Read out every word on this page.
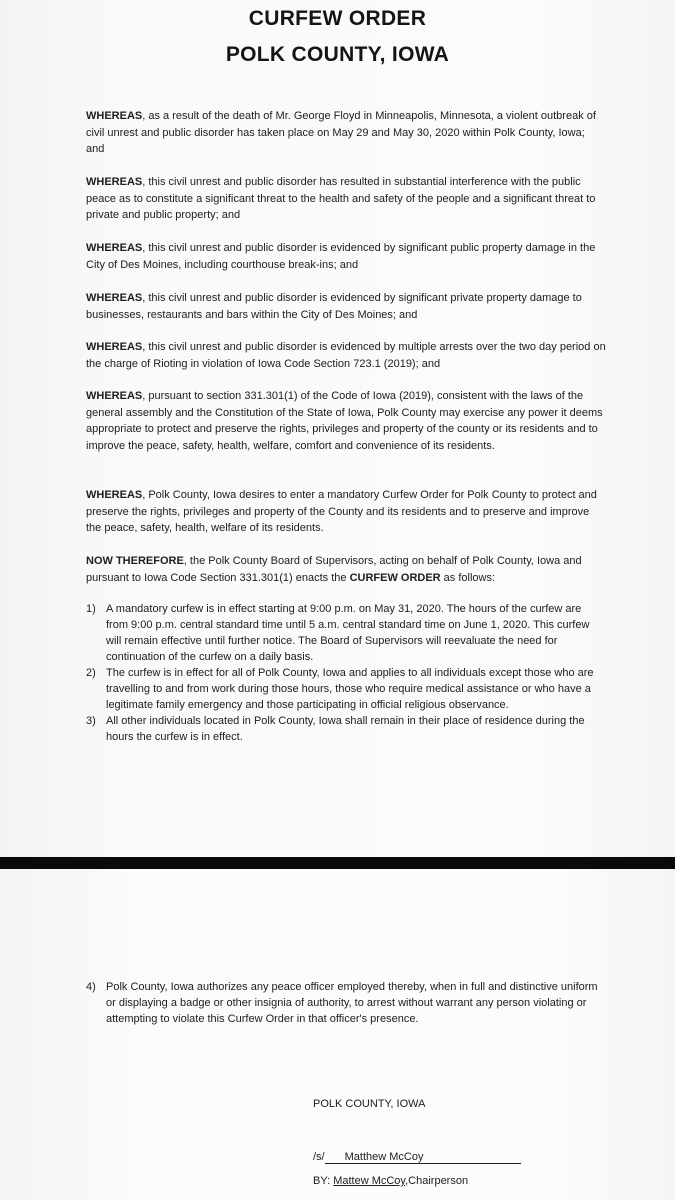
CURFEW ORDER
POLK COUNTY, IOWA

WHEREAS, as a result of the death of Mr. George Floyd in Minneapolis, Minnesota, a violent outbreak of civil unrest and public disorder has taken place on May 29 and May 30, 2020 within Polk County, Iowa; and

WHEREAS, this civil unrest and public disorder has resulted in substantial interference with the public peace as to constitute a significant threat to the health and safety of the people and a significant threat to private and public property; and

WHEREAS, this civil unrest and public disorder is evidenced by significant public property damage in the City of Des Moines, including courthouse break-ins; and

WHEREAS, this civil unrest and public disorder is evidenced by significant private property damage to businesses, restaurants and bars within the City of Des Moines; and

WHEREAS, this civil unrest and public disorder is evidenced by multiple arrests over the two day period on the charge of Rioting in violation of Iowa Code Section 723.1 (2019); and

WHEREAS, pursuant to section 331.301(1) of the Code of Iowa (2019), consistent with the laws of the general assembly and the Constitution of the State of Iowa, Polk County may exercise any power it deems appropriate to protect and preserve the rights, privileges and property of the county or its residents and to improve the peace, safety, health, welfare, comfort and convenience of its residents.

WHEREAS, Polk County, Iowa desires to enter a mandatory Curfew Order for Polk County to protect and preserve the rights, privileges and property of the County and its residents and to preserve and improve the peace, safety, health, welfare of its residents.

NOW THEREFORE, the Polk County Board of Supervisors, acting on behalf of Polk County, Iowa and pursuant to Iowa Code Section 331.301(1) enacts the CURFEW ORDER as follows:

1) A mandatory curfew is in effect starting at 9:00 p.m. on May 31, 2020. The hours of the curfew are from 9:00 p.m. central standard time until 5 a.m. central standard time on June 1, 2020. This curfew will remain effective until further notice. The Board of Supervisors will reevaluate the need for continuation of the curfew on a daily basis.
2) The curfew is in effect for all of Polk County, Iowa and applies to all individuals except those who are travelling to and from work during those hours, those who require medical assistance or who have a legitimate family emergency and those participating in official religious observance.
3) All other individuals located in Polk County, Iowa shall remain in their place of residence during the hours the curfew is in effect.
4) Polk County, Iowa authorizes any peace officer employed thereby, when in full and distinctive uniform or displaying a badge or other insignia of authority, to arrest without warrant any person violating or attempting to violate this Curfew Order in that officer's presence.
POLK COUNTY, IOWA
/s/ Matthew McCoy
BY: Mattew McCoy,Chairperson
